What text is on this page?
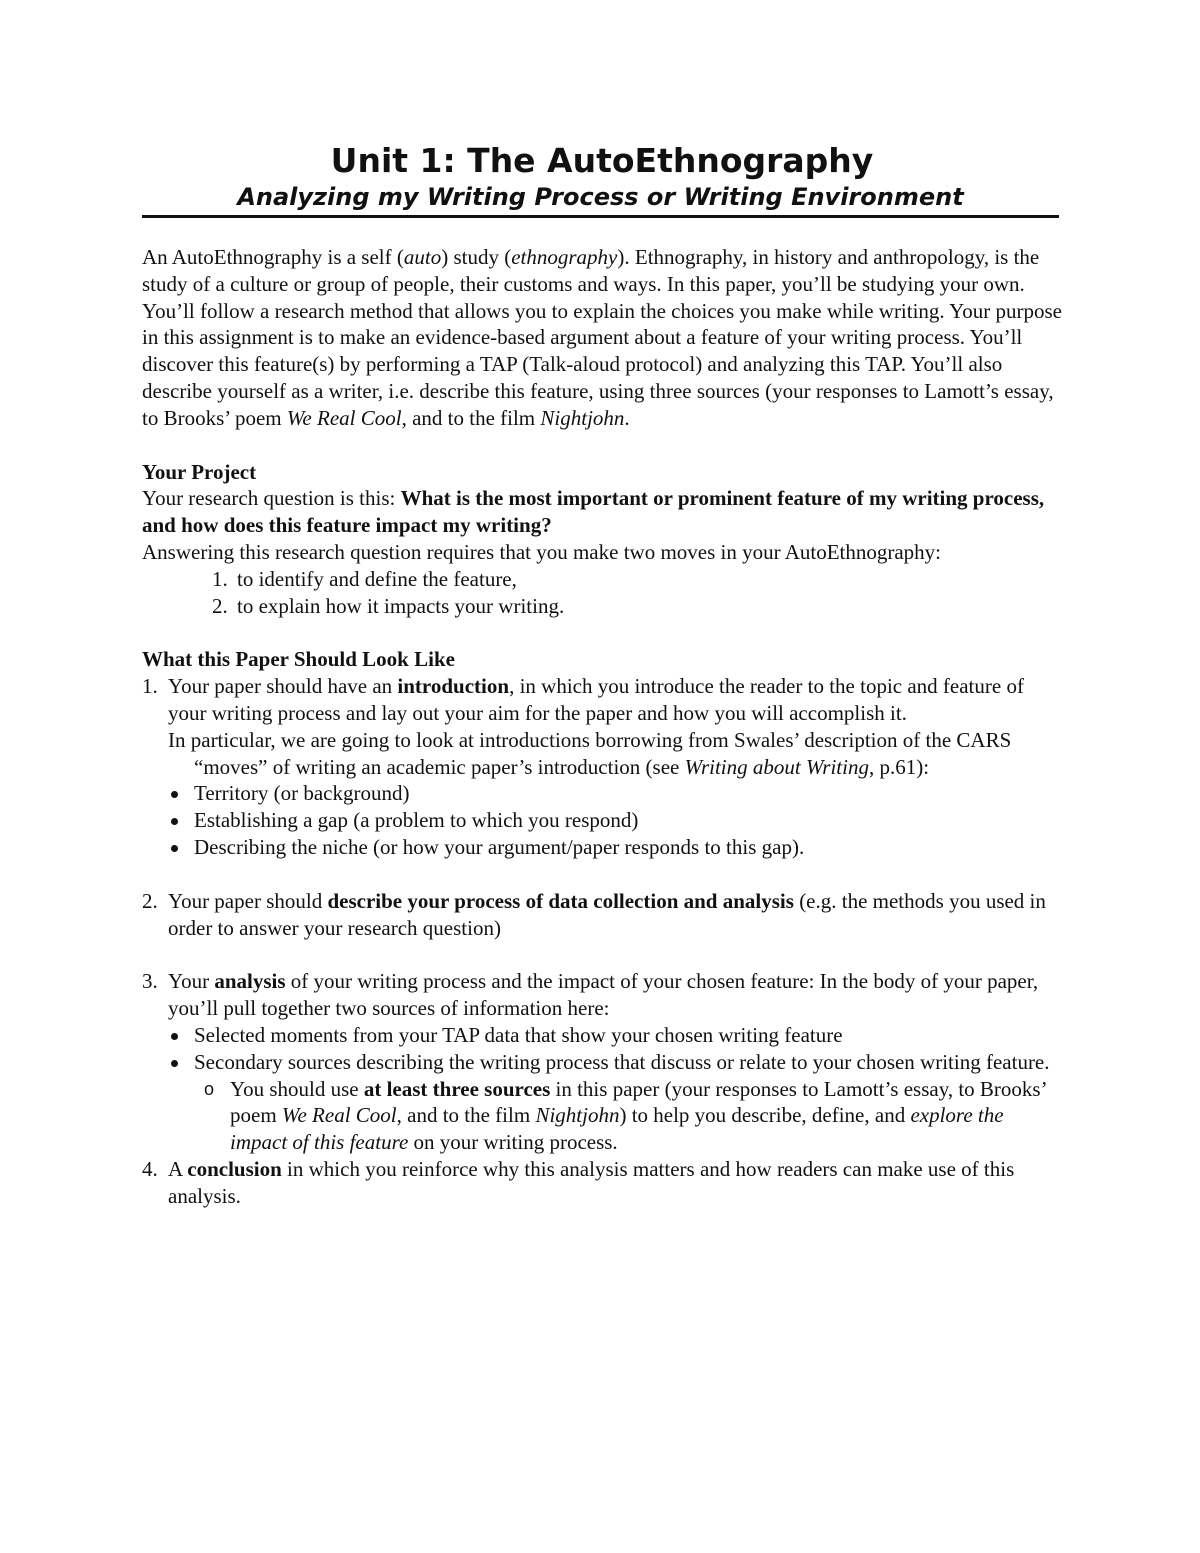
Unit 1: The AutoEthnography
Analyzing my Writing Process or Writing Environment

An AutoEthnography is a self (auto) study (ethnography). Ethnography, in history and anthropology, is the study of a culture or group of people, their customs and ways. In this paper, you’ll be studying your own. You’ll follow a research method that allows you to explain the choices you make while writing. Your purpose in this assignment is to make an evidence-based argument about a feature of your writing process. You’ll discover this feature(s) by performing a TAP (Talk-aloud protocol) and analyzing this TAP. You’ll also describe yourself as a writer, i.e. describe this feature, using three sources (your responses to Lamott’s essay, to Brooks’ poem We Real Cool, and to the film Nightjohn.

Your Project

Your research question is this: What is the most important or prominent feature of my writing process, and how does this feature impact my writing?

Answering this research question requires that you make two moves in your AutoEthnography:

1. to identify and define the feature,
2. to explain how it impacts your writing.

What this Paper Should Look Like

1. Your paper should have an introduction, in which you introduce the reader to the topic and feature of your writing process and lay out your aim for the paper and how you will accomplish it.

In particular, we are going to look at introductions borrowing from Swales’ description of the CARS “moves” of writing an academic paper’s introduction (see Writing about Writing, p.61):

Territory (or background)
Establishing a gap (a problem to which you respond)
Describing the niche (or how your argument/paper responds to this gap).
2. Your paper should describe your process of data collection and analysis (e.g. the methods you used in order to answer your research question)

3. Your analysis of your writing process and the impact of your chosen feature: In the body of your paper, you’ll pull together two sources of information here:

Selected moments from your TAP data that show your chosen writing feature
Secondary sources describing the writing process that discuss or relate to your chosen writing feature.
o You should use at least three sources in this paper (your responses to Lamott’s essay, to Brooks’ poem We Real Cool, and to the film Nightjohn) to help you describe, define, and explore the impact of this feature on your writing process.
4. A conclusion in which you reinforce why this analysis matters and how readers can make use of this analysis.
